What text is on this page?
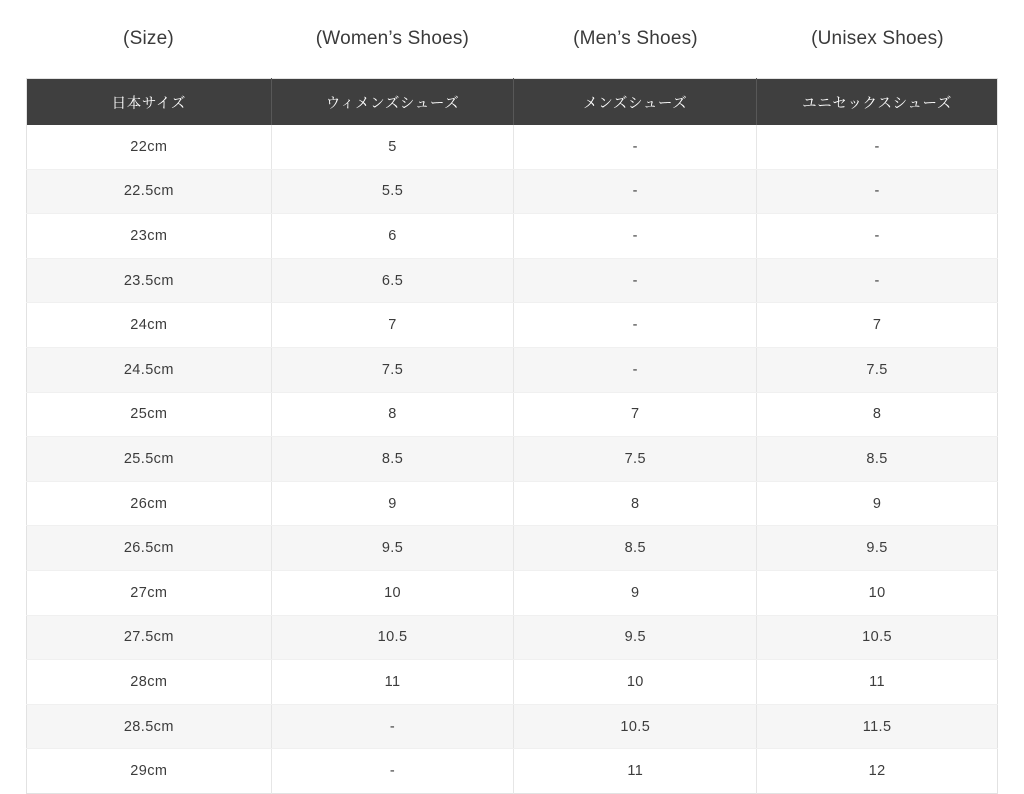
(Size)	(Women’s Shoes)	(Men’s Shoes)	(Unisex Shoes)
日本サイズ	ウィメンズシューズ	メンズシューズ	ユニセックスシューズ
22cm	5	-	-
22.5cm	5.5	-	-
23cm	6	-	-
23.5cm	6.5	-	-
24cm	7	-	7
24.5cm	7.5	-	7.5
25cm	8	7	8
25.5cm	8.5	7.5	8.5
26cm	9	8	9
26.5cm	9.5	8.5	9.5
27cm	10	9	10
27.5cm	10.5	9.5	10.5
28cm	11	10	11
28.5cm	-	10.5	11.5
29cm	-	11	12
